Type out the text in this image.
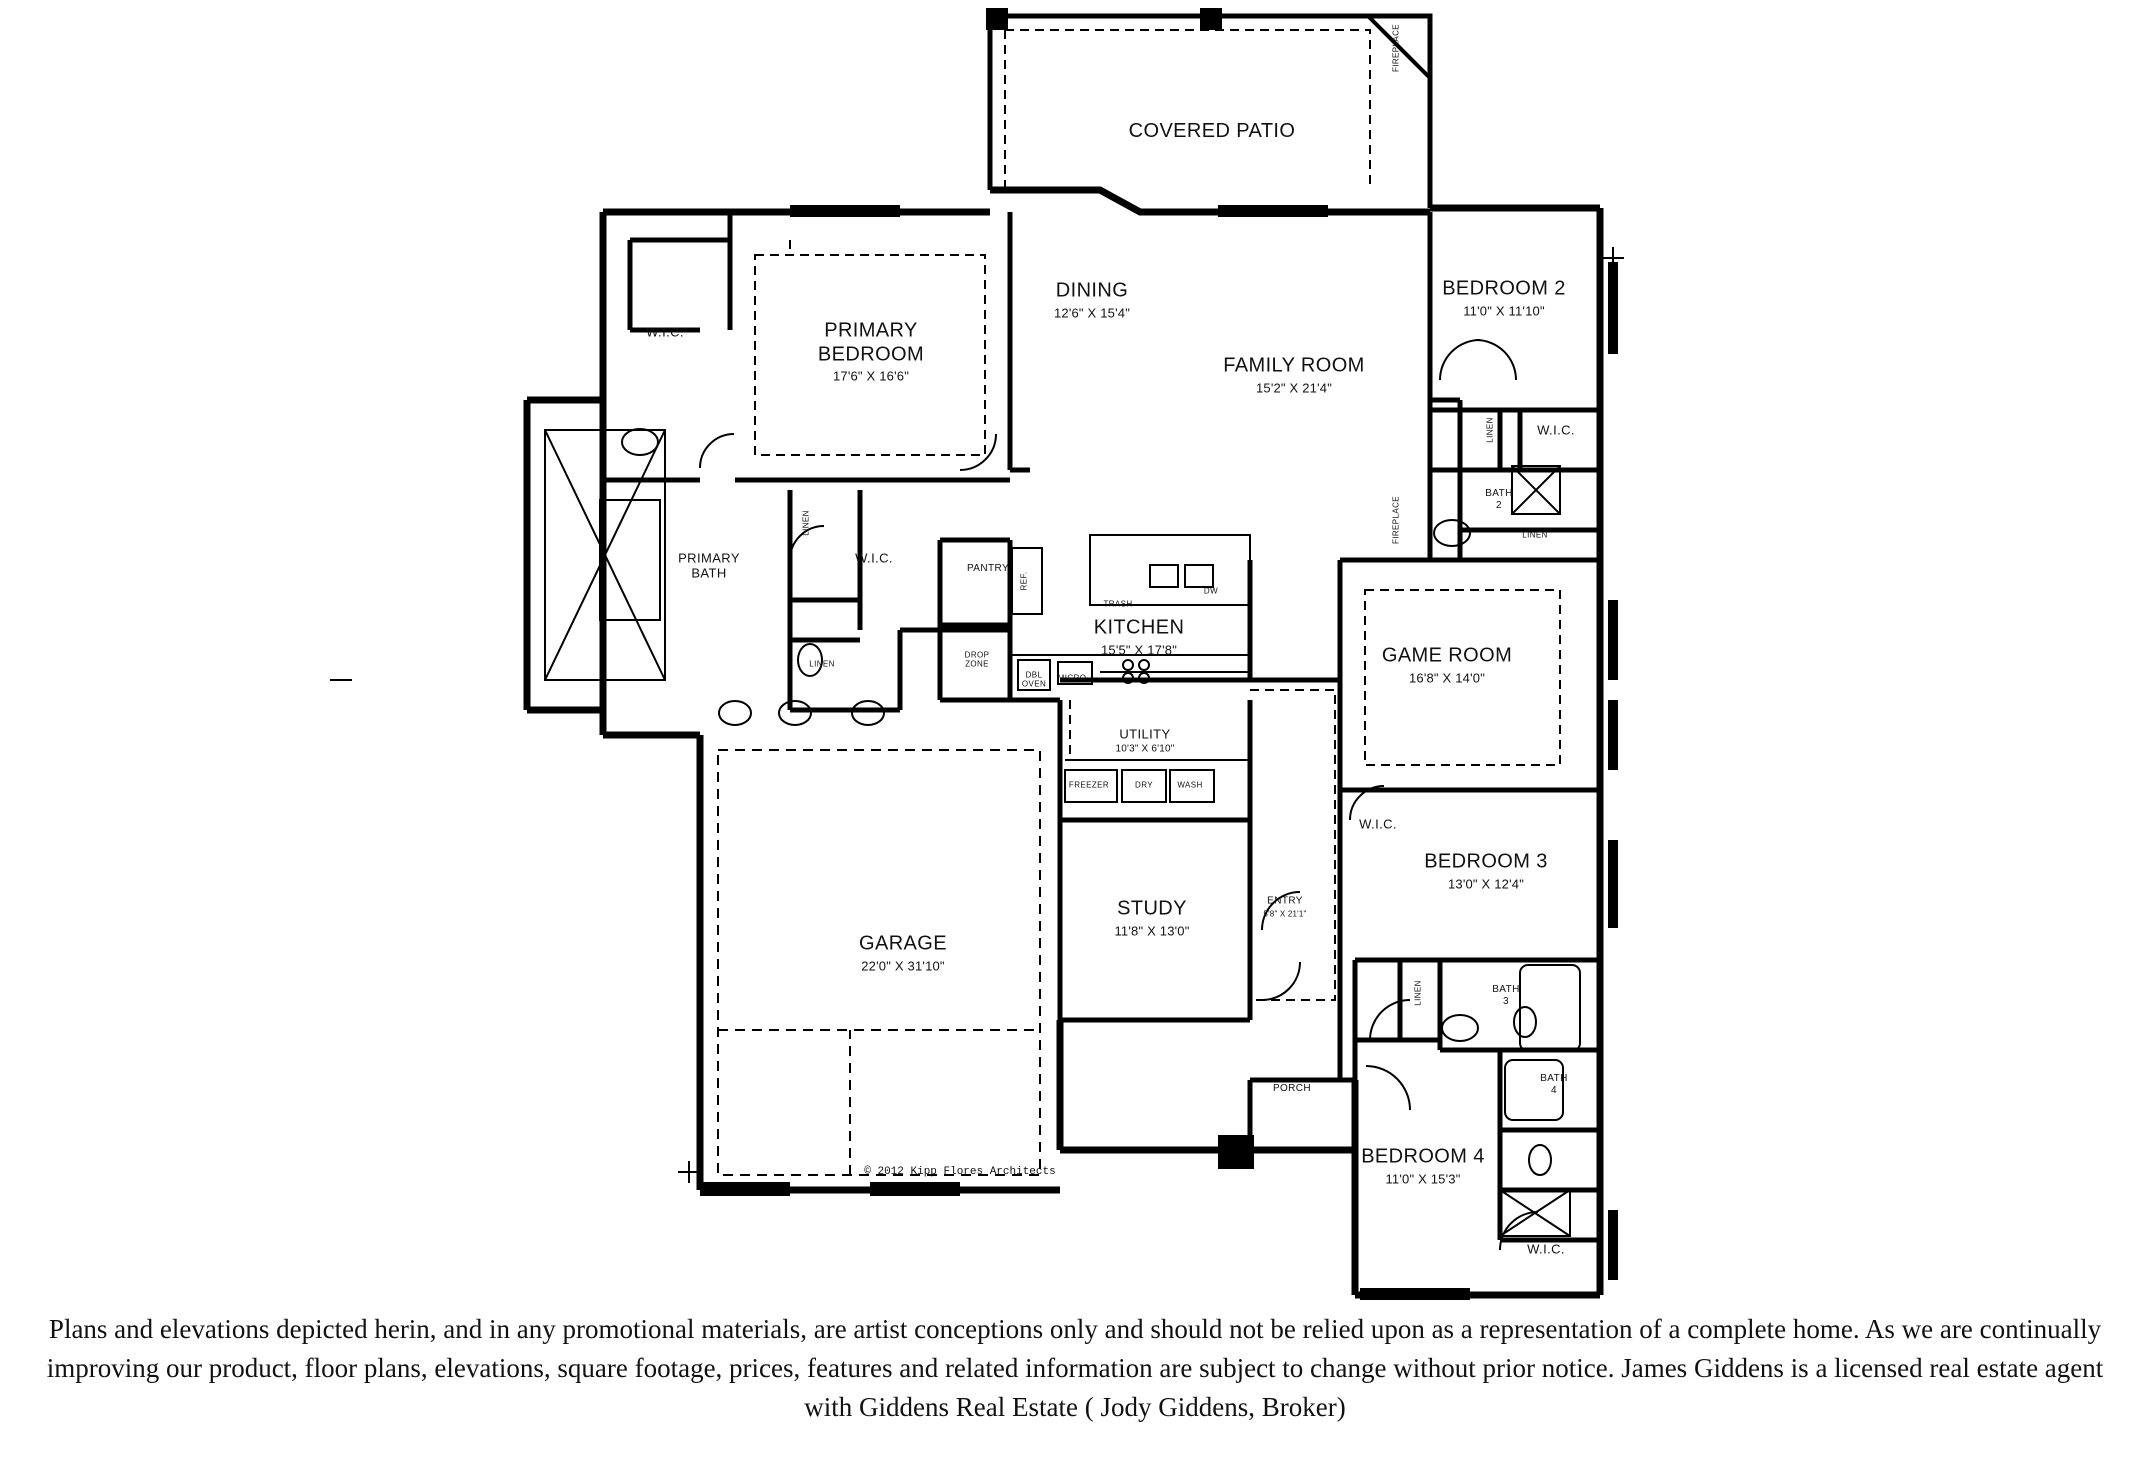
COVERED PATIO
PRIMARY
BEDROOM
17'6" X 16'6"
DINING
12'6" X 15'4"
FAMILY ROOM
15'2" X 21'4"
BEDROOM 2
11'0" X 11'10"
GAME ROOM
16'8" X 14'0"
BEDROOM 3
13'0" X 12'4"
BEDROOM 4
11'0" X 15'3"
KITCHEN
15'5" X 17'8"
STUDY
11'8" X 13'0"
GARAGE
22'0" X 31'10"
PRIMARY
BATH
W.I.C.
W.I.C.
W.I.C.
W.I.C.
W.I.C.
PANTRY
UTILITY
10'3" X 6'10"
ENTRY
5'8" X 21'1"
PORCH
BATH
2
BATH
3
BATH
4
DROP
ZONE
LINEN
LINEN
LINEN
LINEN
LINEN
FIREPLACE
FIREPLACE
REF.
TRASH
DW
DBL
OVEN
MICRO
FREEZER	DRY	WASH
© 2012 Kipp Flores Architects
Plans and elevations depicted herin, and in any promotional materials, are artist conceptions only and should not be relied upon as a representation of a complete home. As we are continually improving our product, floor plans, elevations, square footage, prices, features and related information are subject to change without prior notice. James Giddens is a licensed real estate agent with Giddens Real Estate ( Jody Giddens, Broker)
